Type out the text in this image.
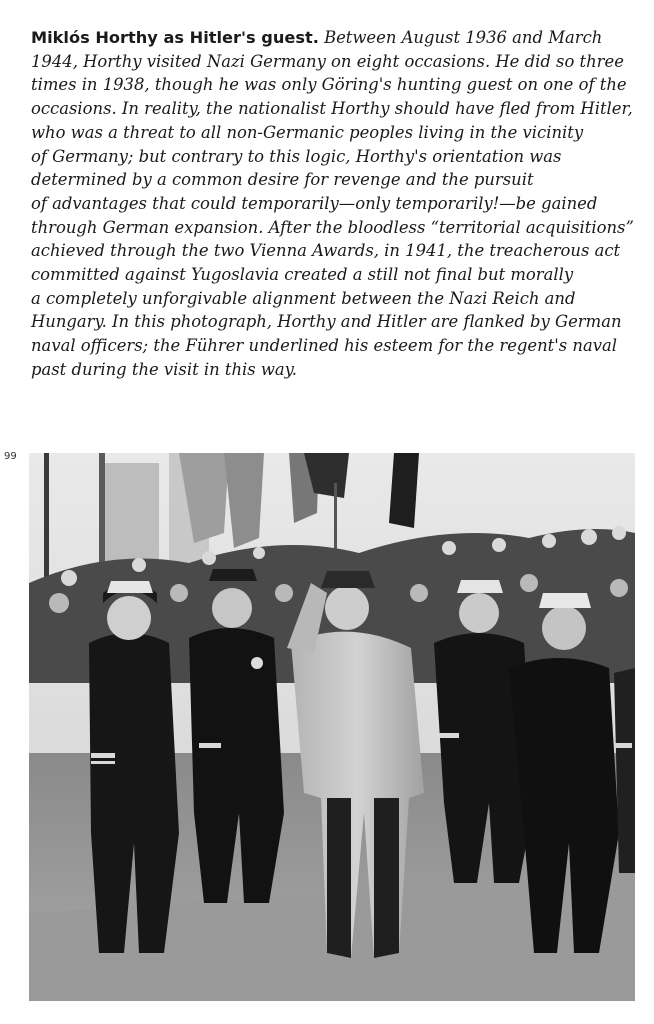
Miklós Horthy as Hitler's guest. Between August 1936 and March
1944, Horthy visited Nazi Germany on eight occasions. He did so three
times in 1938, though he was only Göring's hunting guest on one of the
occasions. In reality, the nationalist Horthy should have fled from Hitler,
who was a threat to all non-Germanic peoples living in the vicinity
of Germany; but contrary to this logic, Horthy's orientation was
determined by a common desire for revenge and the pursuit
of advantages that could temporarily—only temporarily!—be gained
through German expansion. After the bloodless “territorial acquisitions”
achieved through the two Vienna Awards, in 1941, the treacherous act
committed against Yugoslavia created a still not final but morally
a completely unforgivable alignment between the Nazi Reich and
Hungary. In this photograph, Horthy and Hitler are flanked by German
naval officers; the Führer underlined his esteem for the regent's naval
past during the visit in this way.
99
